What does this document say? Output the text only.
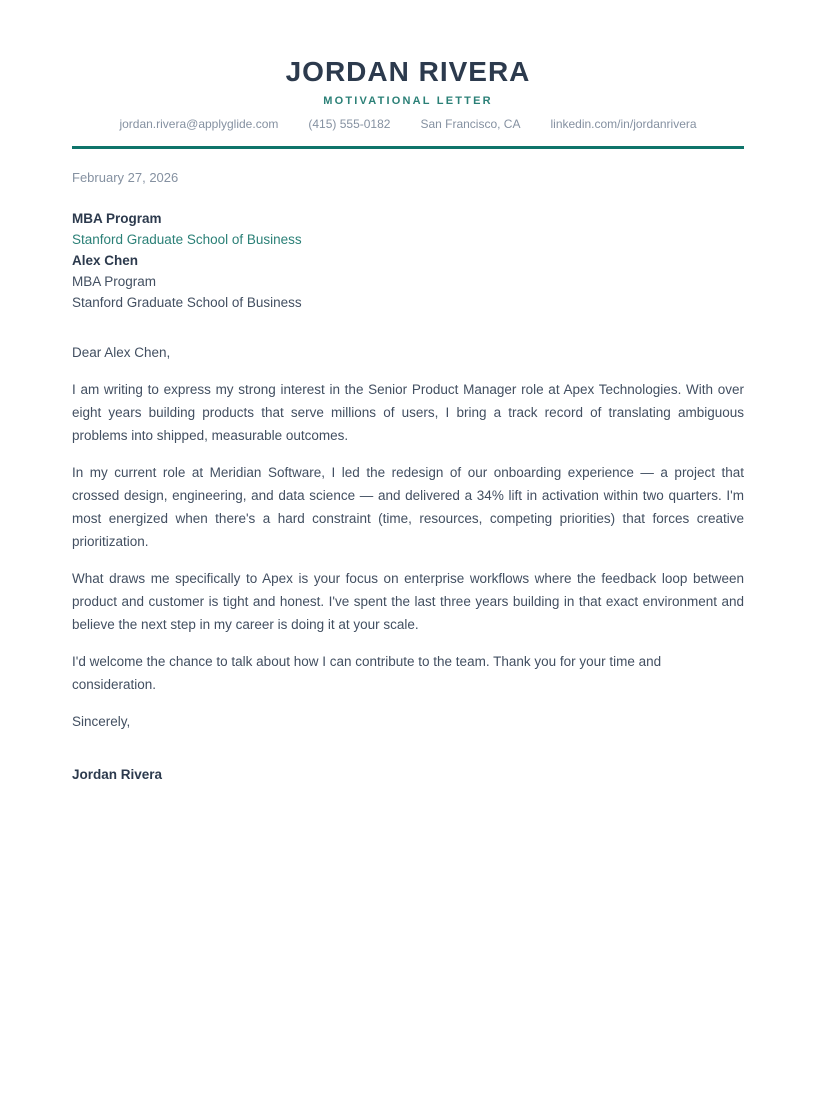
JORDAN RIVERA
MOTIVATIONAL LETTER
jordan.rivera@applyglide.com	(415) 555-0182	San Francisco, CA	linkedin.com/in/jordanrivera
February 27, 2026
MBA Program
Stanford Graduate School of Business
Alex Chen
MBA Program
Stanford Graduate School of Business

Dear Alex Chen,

I am writing to express my strong interest in the Senior Product Manager role at Apex Technologies. With over eight years building products that serve millions of users, I bring a track record of translating ambiguous problems into shipped, measurable outcomes.

In my current role at Meridian Software, I led the redesign of our onboarding experience — a project that crossed design, engineering, and data science — and delivered a 34% lift in activation within two quarters. I'm most energized when there's a hard constraint (time, resources, competing priorities) that forces creative prioritization.

What draws me specifically to Apex is your focus on enterprise workflows where the feedback loop between product and customer is tight and honest. I've spent the last three years building in that exact environment and believe the next step in my career is doing it at your scale.

I'd welcome the chance to talk about how I can contribute to the team. Thank you for your time and consideration.

Sincerely,

Jordan Rivera
